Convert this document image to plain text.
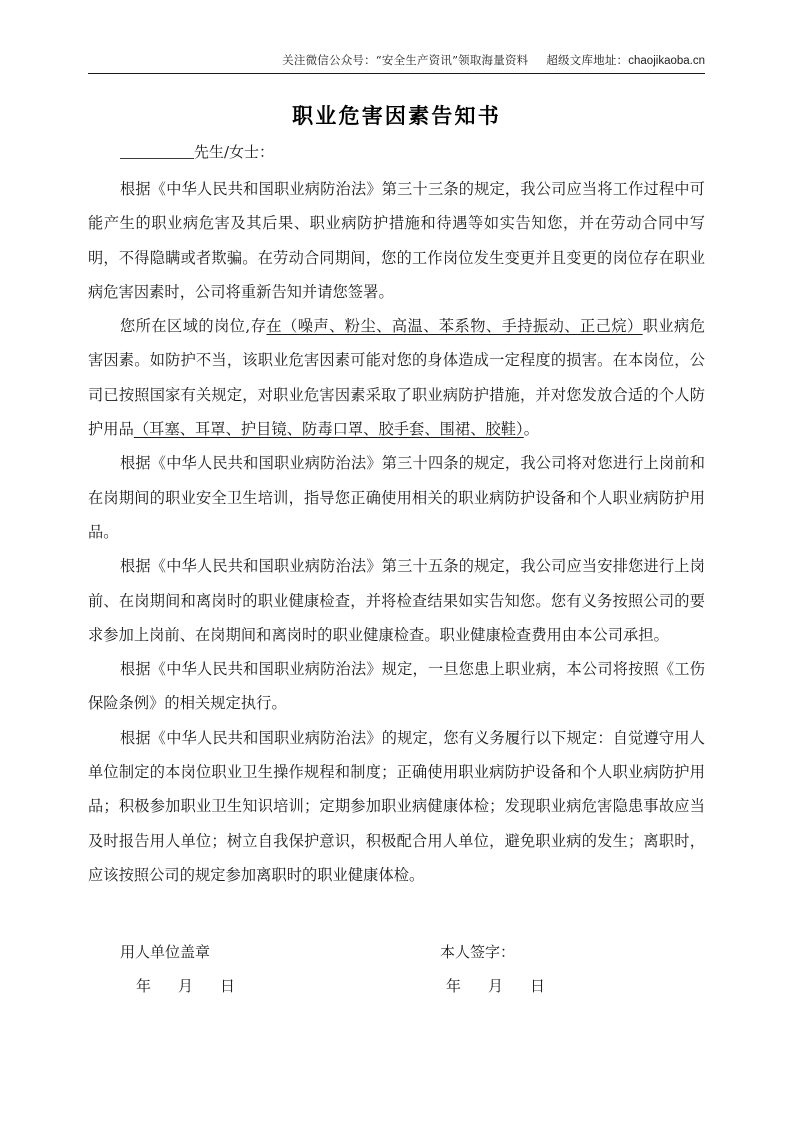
关注微信公众号：“安全生产资讯”领取海量资料 超级文库地址：chaojikaoba.cn
职业危害因素告知书
先生/女士：

根据《中华人民共和国职业病防治法》第三十三条的规定，我公司应当将工作过程中可能产生的职业病危害及其后果、职业病防护措施和待遇等如实告知您，并在劳动合同中写明，不得隐瞒或者欺骗。在劳动合同期间，您的工作岗位发生变更并且变更的岗位存在职业病危害因素时，公司将重新告知并请您签署。

您所在区域的岗位,存在（噪声、粉尘、高温、苯系物、手持振动、正己烷）职业病危害因素。如防护不当，该职业危害因素可能对您的身体造成一定程度的损害。在本岗位，公司已按照国家有关规定，对职业危害因素采取了职业病防护措施，并对您发放合适的个人防护用品（耳塞、耳罩、护目镜、防毒口罩、胶手套、围裙、胶鞋）。

根据《中华人民共和国职业病防治法》第三十四条的规定，我公司将对您进行上岗前和在岗期间的职业安全卫生培训，指导您正确使用相关的职业病防护设备和个人职业病防护用品。

根据《中华人民共和国职业病防治法》第三十五条的规定，我公司应当安排您进行上岗前、在岗期间和离岗时的职业健康检查，并将检查结果如实告知您。您有义务按照公司的要求参加上岗前、在岗期间和离岗时的职业健康检查。职业健康检查费用由本公司承担。

根据《中华人民共和国职业病防治法》规定，一旦您患上职业病，本公司将按照《工伤保险条例》的相关规定执行。

根据《中华人民共和国职业病防治法》的规定，您有义务履行以下规定：自觉遵守用人单位制定的本岗位职业卫生操作规程和制度；正确使用职业病防护设备和个人职业病防护用品；积极参加职业卫生知识培训；定期参加职业病健康体检；发现职业病危害隐患事故应当及时报告用人单位；树立自我保护意识，积极配合用人单位，避免职业病的发生；离职时，应该按照公司的规定参加离职时的职业健康体检。

用人单位盖章	本人签字：
年 月 日	年 月 日
